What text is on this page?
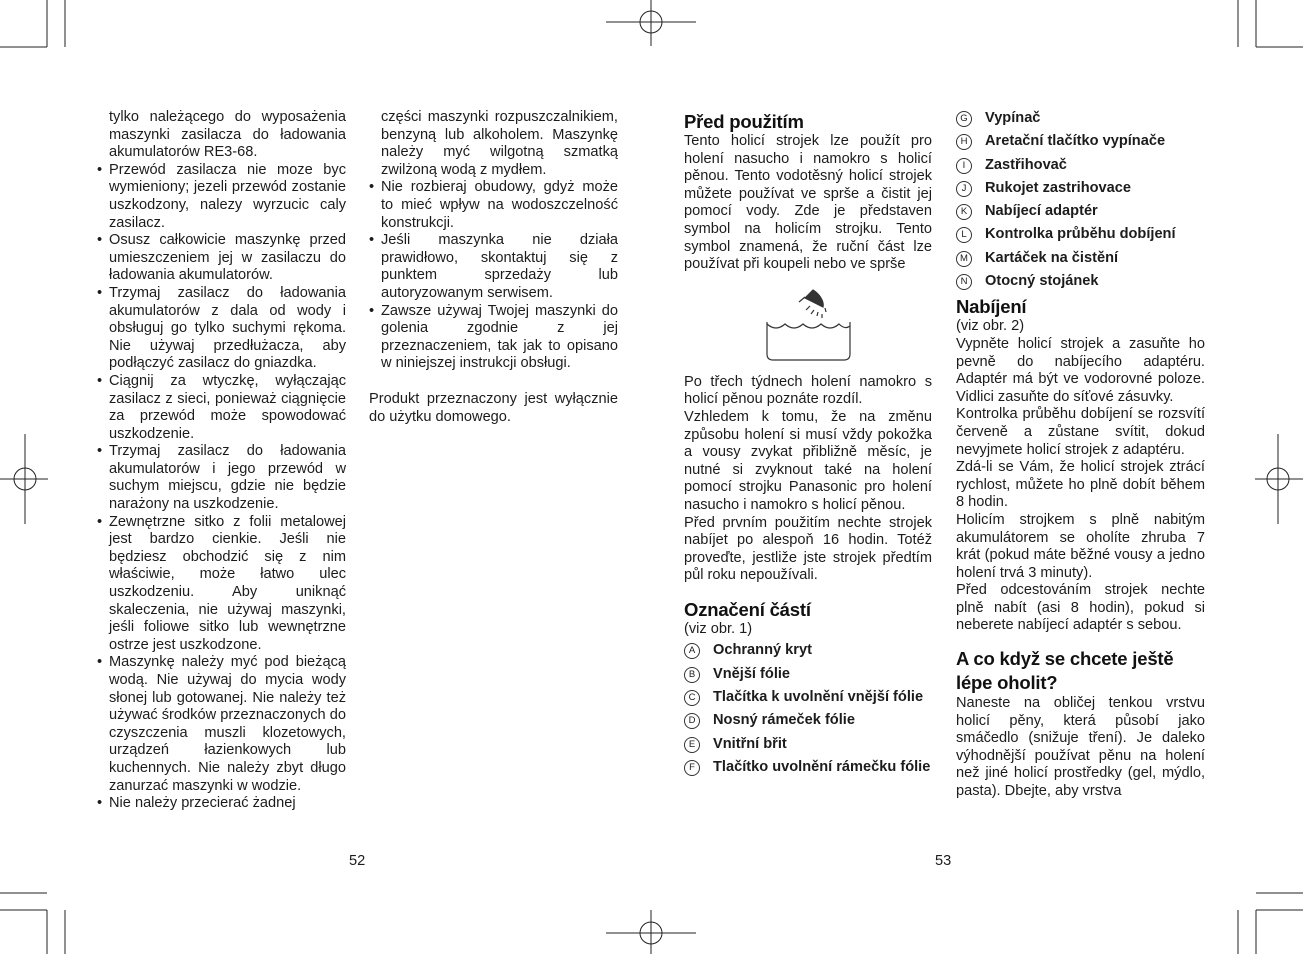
tylko należącego do wyposażenia maszynki zasilacza do ładowania akumulatorów RE3-68.

• Przewód zasilacza nie moze byc wymieniony; jezeli przewód zostanie uszkodzony, nalezy wyrzucic caly zasilacz.
• Osusz całkowicie maszynkę przed umieszczeniem jej w zasilaczu do ładowania akumulatorów.
• Trzymaj zasilacz do ładowania akumulatorów z dala od wody i obsługuj go tylko suchymi rękoma. Nie używaj przedłużacza, aby podłączyć zasilacz do gniazdka.
• Ciągnij za wtyczkę, wyłączając zasilacz z sieci, ponieważ ciągnięcie za przewód może spowodować uszkodzenie.
• Trzymaj zasilacz do ładowania akumulatorów i jego przewód w suchym miejscu, gdzie nie będzie narażony na uszkodzenie.
• Zewnętrzne sitko z folii metalowej jest bardzo cienkie. Jeśli nie będziesz obchodzić się z nim właściwie, może łatwo ulec uszkodzeniu. Aby uniknąć skaleczenia, nie używaj maszynki, jeśli foliowe sitko lub wewnętrzne ostrze jest uszkodzone.
• Maszynkę należy myć pod bieżącą wodą. Nie używaj do mycia wody słonej lub gotowanej. Nie należy też używać środków przeznaczonych do czyszczenia muszli klozetowych, urządzeń łazienkowych lub kuchennych. Nie należy zbyt długo zanurzać maszynki w wodzie.
• Nie należy przecierać żadnej

części maszynki rozpuszczalnikiem, benzyną lub alkoholem. Maszynkę należy myć wilgotną szmatką zwilżoną wodą z mydłem.

• Nie rozbieraj obudowy, gdyż może to mieć wpływ na wodoszczelność konstrukcji.
• Jeśli maszynka nie działa prawidłowo, skontaktuj się z punktem sprzedaży lub autoryzowanym serwisem.
• Zawsze używaj Twojej maszynki do golenia zgodnie z jej przeznaczeniem, tak jak to opisano w niniejszej instrukcji obsługi.

Produkt przeznaczony jest wyłącznie do użytku domowego.

52
Před použitím

Tento holicí strojek lze použít pro holení nasucho i namokro s holicí pěnou. Tento vodotěsný holicí strojek můžete používat ve sprše a čistit jej pomocí vody. Zde je představen symbol na holicím strojku. Tento symbol znamená, že ruční část lze používat při koupeli nebo ve sprše

Po třech týdnech holení namokro s holicí pěnou poznáte rozdíl.

Vzhledem k tomu, že na změnu způsobu holení si musí vždy pokožka a vousy zvykat přibližně měsíc, je nutné si zvyknout také na holení pomocí strojku Panasonic pro holení nasucho i namokro s holicí pěnou.

Před prvním použitím nechte strojek nabíjet po alespoň 16 hodin. Totéž proveďte, jestliže jste strojek předtím půl roku nepoužívali.

Označení částí

(viz obr. 1)

A	Ochranný kryt
B	Vnější fólie
C	Tlačítka k uvolnění vnější fólie
D	Nosný rámeček fólie
E	Vnitřní břit
F	Tlačítko uvolnění rámečku fólie
G Vypínač
H	Aretační tlačítko vypínače
I	Zastřihovač
J	Rukojet zastrihovace
K	Nabíjecí adaptér
L	Kontrolka průběhu dobíjení
M Kartáček na čistění
N	Otocný stojánek
Nabíjení

(viz obr. 2)

Vypněte holicí strojek a zasuňte ho pevně do nabíjecího adaptéru. Adaptér má být ve vodorovné poloze. Vidlici zasuňte do síťové zásuvky.

Kontrolka průběhu dobíjení se rozsvítí červeně a zůstane svítit, dokud nevyjmete holicí strojek z adaptéru.

Zdá-li se Vám, že holicí strojek ztrácí rychlost, můžete ho plně dobít během 8 hodin.

Holicím strojkem s plně nabitým akumulátorem se oholíte zhruba 7 krát (pokud máte běžné vousy a jedno holení trvá 3 minuty).

Před odcestováním strojek nechte plně nabít (asi 8 hodin), pokud si neberete nabíjecí adaptér s sebou.

A co když se chcete ještě lépe oholit?

Naneste na obličej tenkou vrstvu holicí pěny, která působí jako smáčedlo (snižuje tření). Je daleko výhodnější používat pěnu na holení než jiné holicí prostředky (gel, mýdlo, pasta). Dbejte, aby vrstva

53
